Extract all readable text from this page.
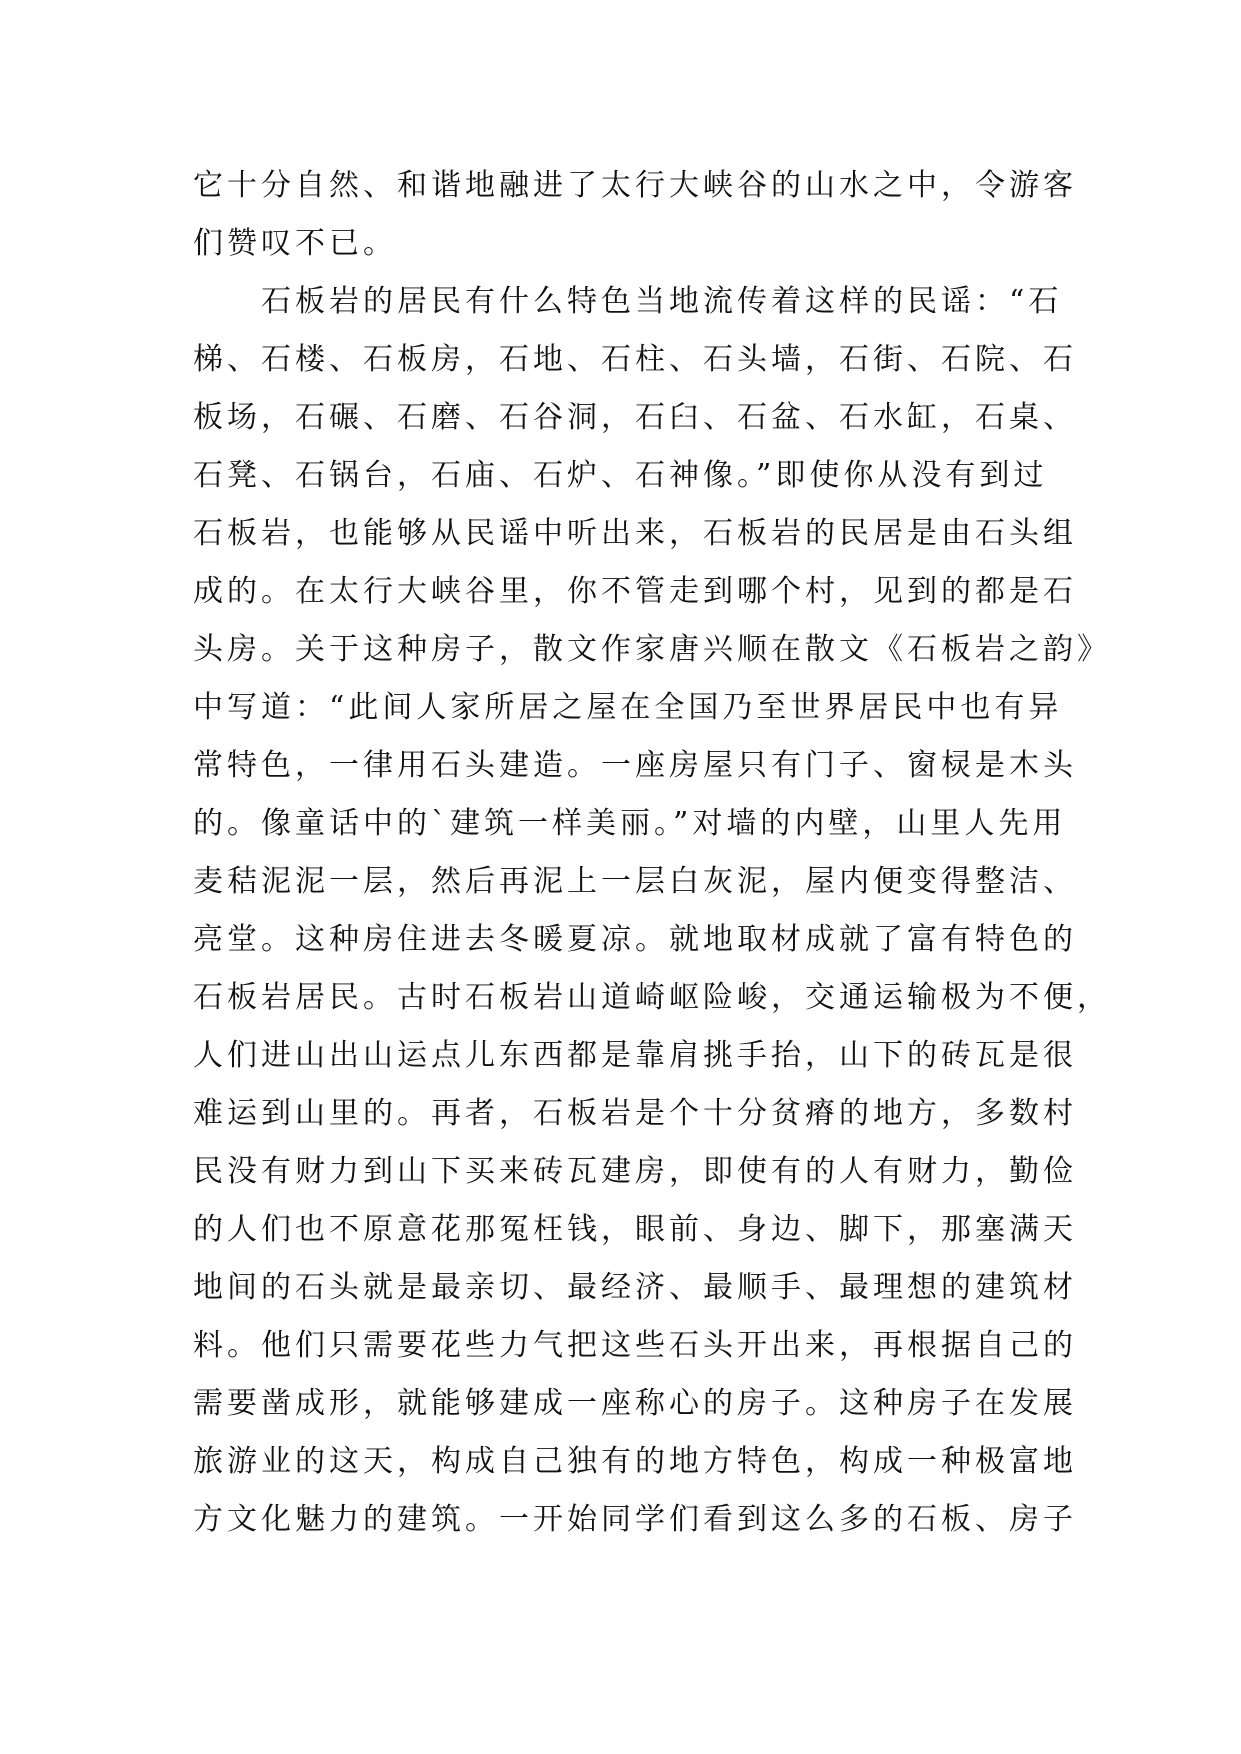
它十分自然、和谐地融进了太行大峡谷的山水之中，令游客
们赞叹不已。
　　石板岩的居民有什么特色当地流传着这样的民谣：“石
梯、石楼、石板房，石地、石柱、石头墙，石街、石院、石
板场，石碾、石磨、石谷洞，石臼、石盆、石水缸，石桌、
石凳、石锅台，石庙、石炉、石神像。”即使你从没有到过
石板岩，也能够从民谣中听出来，石板岩的民居是由石头组
成的。在太行大峡谷里，你不管走到哪个村，见到的都是石
头房。关于这种房子，散文作家唐兴顺在散文《石板岩之韵》
中写道：“此间人家所居之屋在全国乃至世界居民中也有异
常特色，一律用石头建造。一座房屋只有门子、窗棂是木头
的。像童话中的`建筑一样美丽。”对墙的内壁，山里人先用
麦秸泥泥一层，然后再泥上一层白灰泥，屋内便变得整洁、
亮堂。这种房住进去冬暖夏凉。就地取材成就了富有特色的
石板岩居民。古时石板岩山道崎岖险峻，交通运输极为不便，
人们进山出山运点儿东西都是靠肩挑手抬，山下的砖瓦是很
难运到山里的。再者，石板岩是个十分贫瘠的地方，多数村
民没有财力到山下买来砖瓦建房，即使有的人有财力，勤俭
的人们也不原意花那冤枉钱，眼前、身边、脚下，那塞满天
地间的石头就是最亲切、最经济、最顺手、最理想的建筑材
料。他们只需要花些力气把这些石头开出来，再根据自己的
需要凿成形，就能够建成一座称心的房子。这种房子在发展
旅游业的这天，构成自己独有的地方特色，构成一种极富地
方文化魅力的建筑。一开始同学们看到这么多的石板、房子
